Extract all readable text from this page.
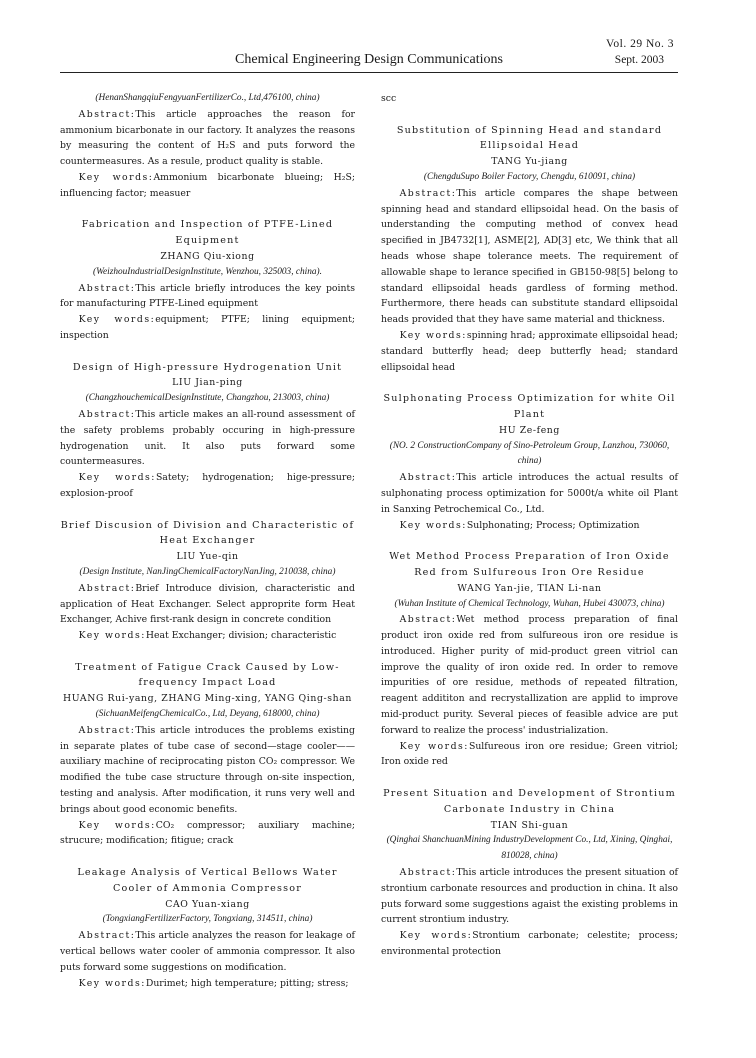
Vol. 29 No. 3
Chemical Engineering Design Communications	Sept. 2003

(HenanShangqiuFengyuanFertilizerCo., Ltd,476100, china)

Abstract:This article approaches the reason for ammonium bicarbonate in our factory. It analyzes the reasons by measuring the content of H₂S and puts forword the countermeasures. As a resule, product quality is stable.

Key words:Ammonium bicarbonate blueing; H₂S; influencing factor; measuer

Fabrication and Inspection of PTFE-Lined Equipment

ZHANG Qiu-xiong

(WeizhouIndustrialDesignInstitute, Wenzhou, 325003, china).

Abstract:This article briefly introduces the key points for manufacturing PTFE-Lined equipment

Key words:equipment; PTFE; lining equipment; inspection

Design of High-pressure Hydrogenation Unit

LIU Jian-ping

(ChangzhouchemicalDesignInstitute, Changzhou, 213003, china)

Abstract:This article makes an all-round assessment of the safety problems probably occuring in high-pressure hydrogenation unit. It also puts forward some countermeasures.

Key words:Satety; hydrogenation; hige-pressure; explosion-proof

Brief Discusion of Division and Characteristic of Heat Exchanger

LIU Yue-qin

(Design Institute, NanJingChemicalFactoryNanJing, 210038, china)

Abstract:Brief Introduce division, characteristic and application of Heat Exchanger. Select approprite form Heat Exchanger, Achive first-rank design in concrete condition

Key words:Heat Exchanger; division; characteristic

Treatment of Fatigue Crack Caused by Low-frequency Impact Load

HUANG Rui-yang, ZHANG Ming-xing, YANG Qing-shan

(SichuanMeifengChemicalCo., Ltd, Deyang, 618000, china)

Abstract:This article introduces the problems existing in separate plates of tube case of second—stage cooler——auxiliary machine of reciprocating piston CO₂ compressor. We modified the tube case structure through on-site inspection, testing and analysis. After modification, it runs very well and brings about good economic benefits.

Key words:CO₂ compressor; auxiliary machine; strucure; modification; fitigue; crack

Leakage Analysis of Vertical Bellows Water Cooler of Ammonia Compressor

CAO Yuan-xiang

(TongxiangFertilizerFactory, Tongxiang, 314511, china)

Abstract:This article analyzes the reason for leakage of vertical bellows water cooler of ammonia compressor. It also puts forward some suggestions on modification.

Key words:Durimet; high temperature; pitting; stress;

scc

Substitution of Spinning Head and standard Ellipsoidal Head

TANG Yu-jiang

(ChengduSupo Boiler Factory, Chengdu, 610091, china)

Abstract:This article compares the shape between spinning head and standard ellipsoidal head. On the basis of understanding the computing method of convex head specified in JB4732[1], ASME[2], AD[3] etc, We think that all heads whose shape tolerance meets. The requirement of allowable shape to lerance specified in GB150-98[5] belong to standard ellipsoidal heads gardless of forming method. Furthermore, there heads can substitute standard ellipsoidal heads provided that they have same material and thickness.

Key words:spinning hrad; approximate ellipsoidal head; standard butterfly head; deep butterfly head; standard ellipsoidal head

Sulphonating Process Optimization for white Oil Plant

HU Ze-feng

(NO. 2 ConstructionCompany of Sino-Petroleum Group, Lanzhou, 730060, china)

Abstract:This article introduces the actual results of sulphonating process optimization for 5000t/a white oil Plant in Sanxing Petrochemical Co., Ltd.

Key words:Sulphonating; Process; Optimization

Wet Method Process Preparation of Iron Oxide Red from Sulfureous Iron Ore Residue

WANG Yan-jie, TIAN Li-nan

(Wuhan Institute of Chemical Technology, Wuhan, Hubei 430073, china)

Abstract:Wet method process preparation of final product iron oxide red from sulfureous iron ore residue is introduced. Higher purity of mid-product green vitriol can improve the quality of iron oxide red. In order to remove impurities of ore residue, methods of repeated filtration, reagent addititon and recrystallization are applid to improve mid-product purity. Several pieces of feasible advice are put forward to realize the process' industrialization.

Key words:Sulfureous iron ore residue; Green vitriol; Iron oxide red

Present Situation and Development of Strontium Carbonate Industry in China

TIAN Shi-guan

(Qinghai ShanchuanMining IndustryDevelopment Co., Ltd, Xining, Qinghai, 810028, china)

Abstract:This article introduces the present situation of strontium carbonate resources and production in china. It also puts forward some suggestions agaist the existing problems in current strontium industry.

Key words:Strontium carbonate; celestite; process; environmental protection
